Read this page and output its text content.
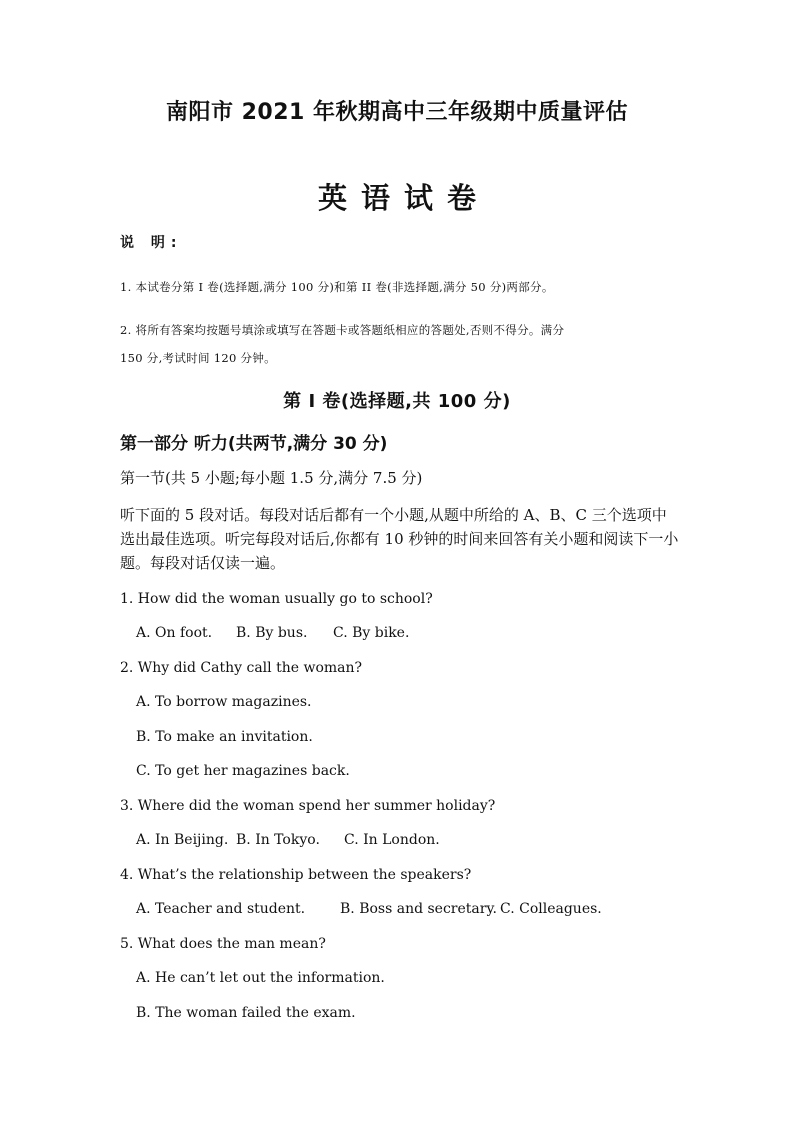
南阳市 2021 年秋期高中三年级期中质量评估
英语试卷
说 明:
1. 本试卷分第 I 卷(选择题,满分 100 分)和第 II 卷(非选择题,满分 50 分)两部分。
2. 将所有答案均按题号填涂或填写在答题卡或答题纸相应的答题处,否则不得分。满分
150 分,考试时间 120 分钟。
第 I 卷(选择题,共 100 分)
第一部分 听力(共两节,满分 30 分)
第一节(共 5 小题;每小题 1.5 分,满分 7.5 分)
听下面的 5 段对话。每段对话后都有一个小题,从题中所给的 A、B、C 三个选项中选出最佳选项。听完每段对话后,你都有 10 秒钟的时间来回答有关小题和阅读下一小题。每段对话仅读一遍。
1. How did the woman usually go to school?
A. On foot. B. By bus. C. By bike.
2. Why did Cathy call the woman?
A. To borrow magazines.
B. To make an invitation.
C. To get her magazines back.
3. Where did the woman spend her summer holiday?
A. In Beijing. B. In Tokyo. C. In London.
4. What’s the relationship between the speakers?
A. Teacher and student. B. Boss and secretary. C. Colleagues.
5. What does the man mean?
A. He can’t let out the information.
B. The woman failed the exam.
